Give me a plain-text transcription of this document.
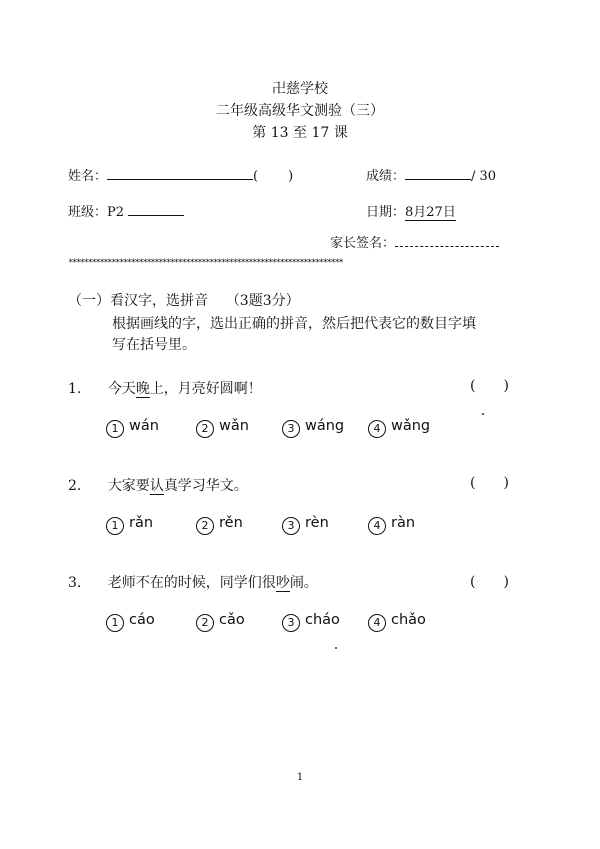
卍慈学校
二年级高级华文测验（三）
第 13 至 17 课
姓名：	( )	成绩：	/ 30
班级：P2	日期：8月27日
家长签名：
**********************************************************************
（一）看汉字，选拼音 （3题3分）
根据画线的字，选出正确的拼音，然后把代表它的数目字填
写在括号里。
1. 今天晚上，月亮好圆啊！	( )
1 wán	2 wǎn	3 wáng	4 wǎng
2. 大家要认真学习华文。	( )
1 rǎn	2 rěn	3 rèn	4 ràn
3. 老师不在的时候，同学们很吵闹。	( )
1 cáo	2 cǎo	3 cháo	4 chǎo
1
